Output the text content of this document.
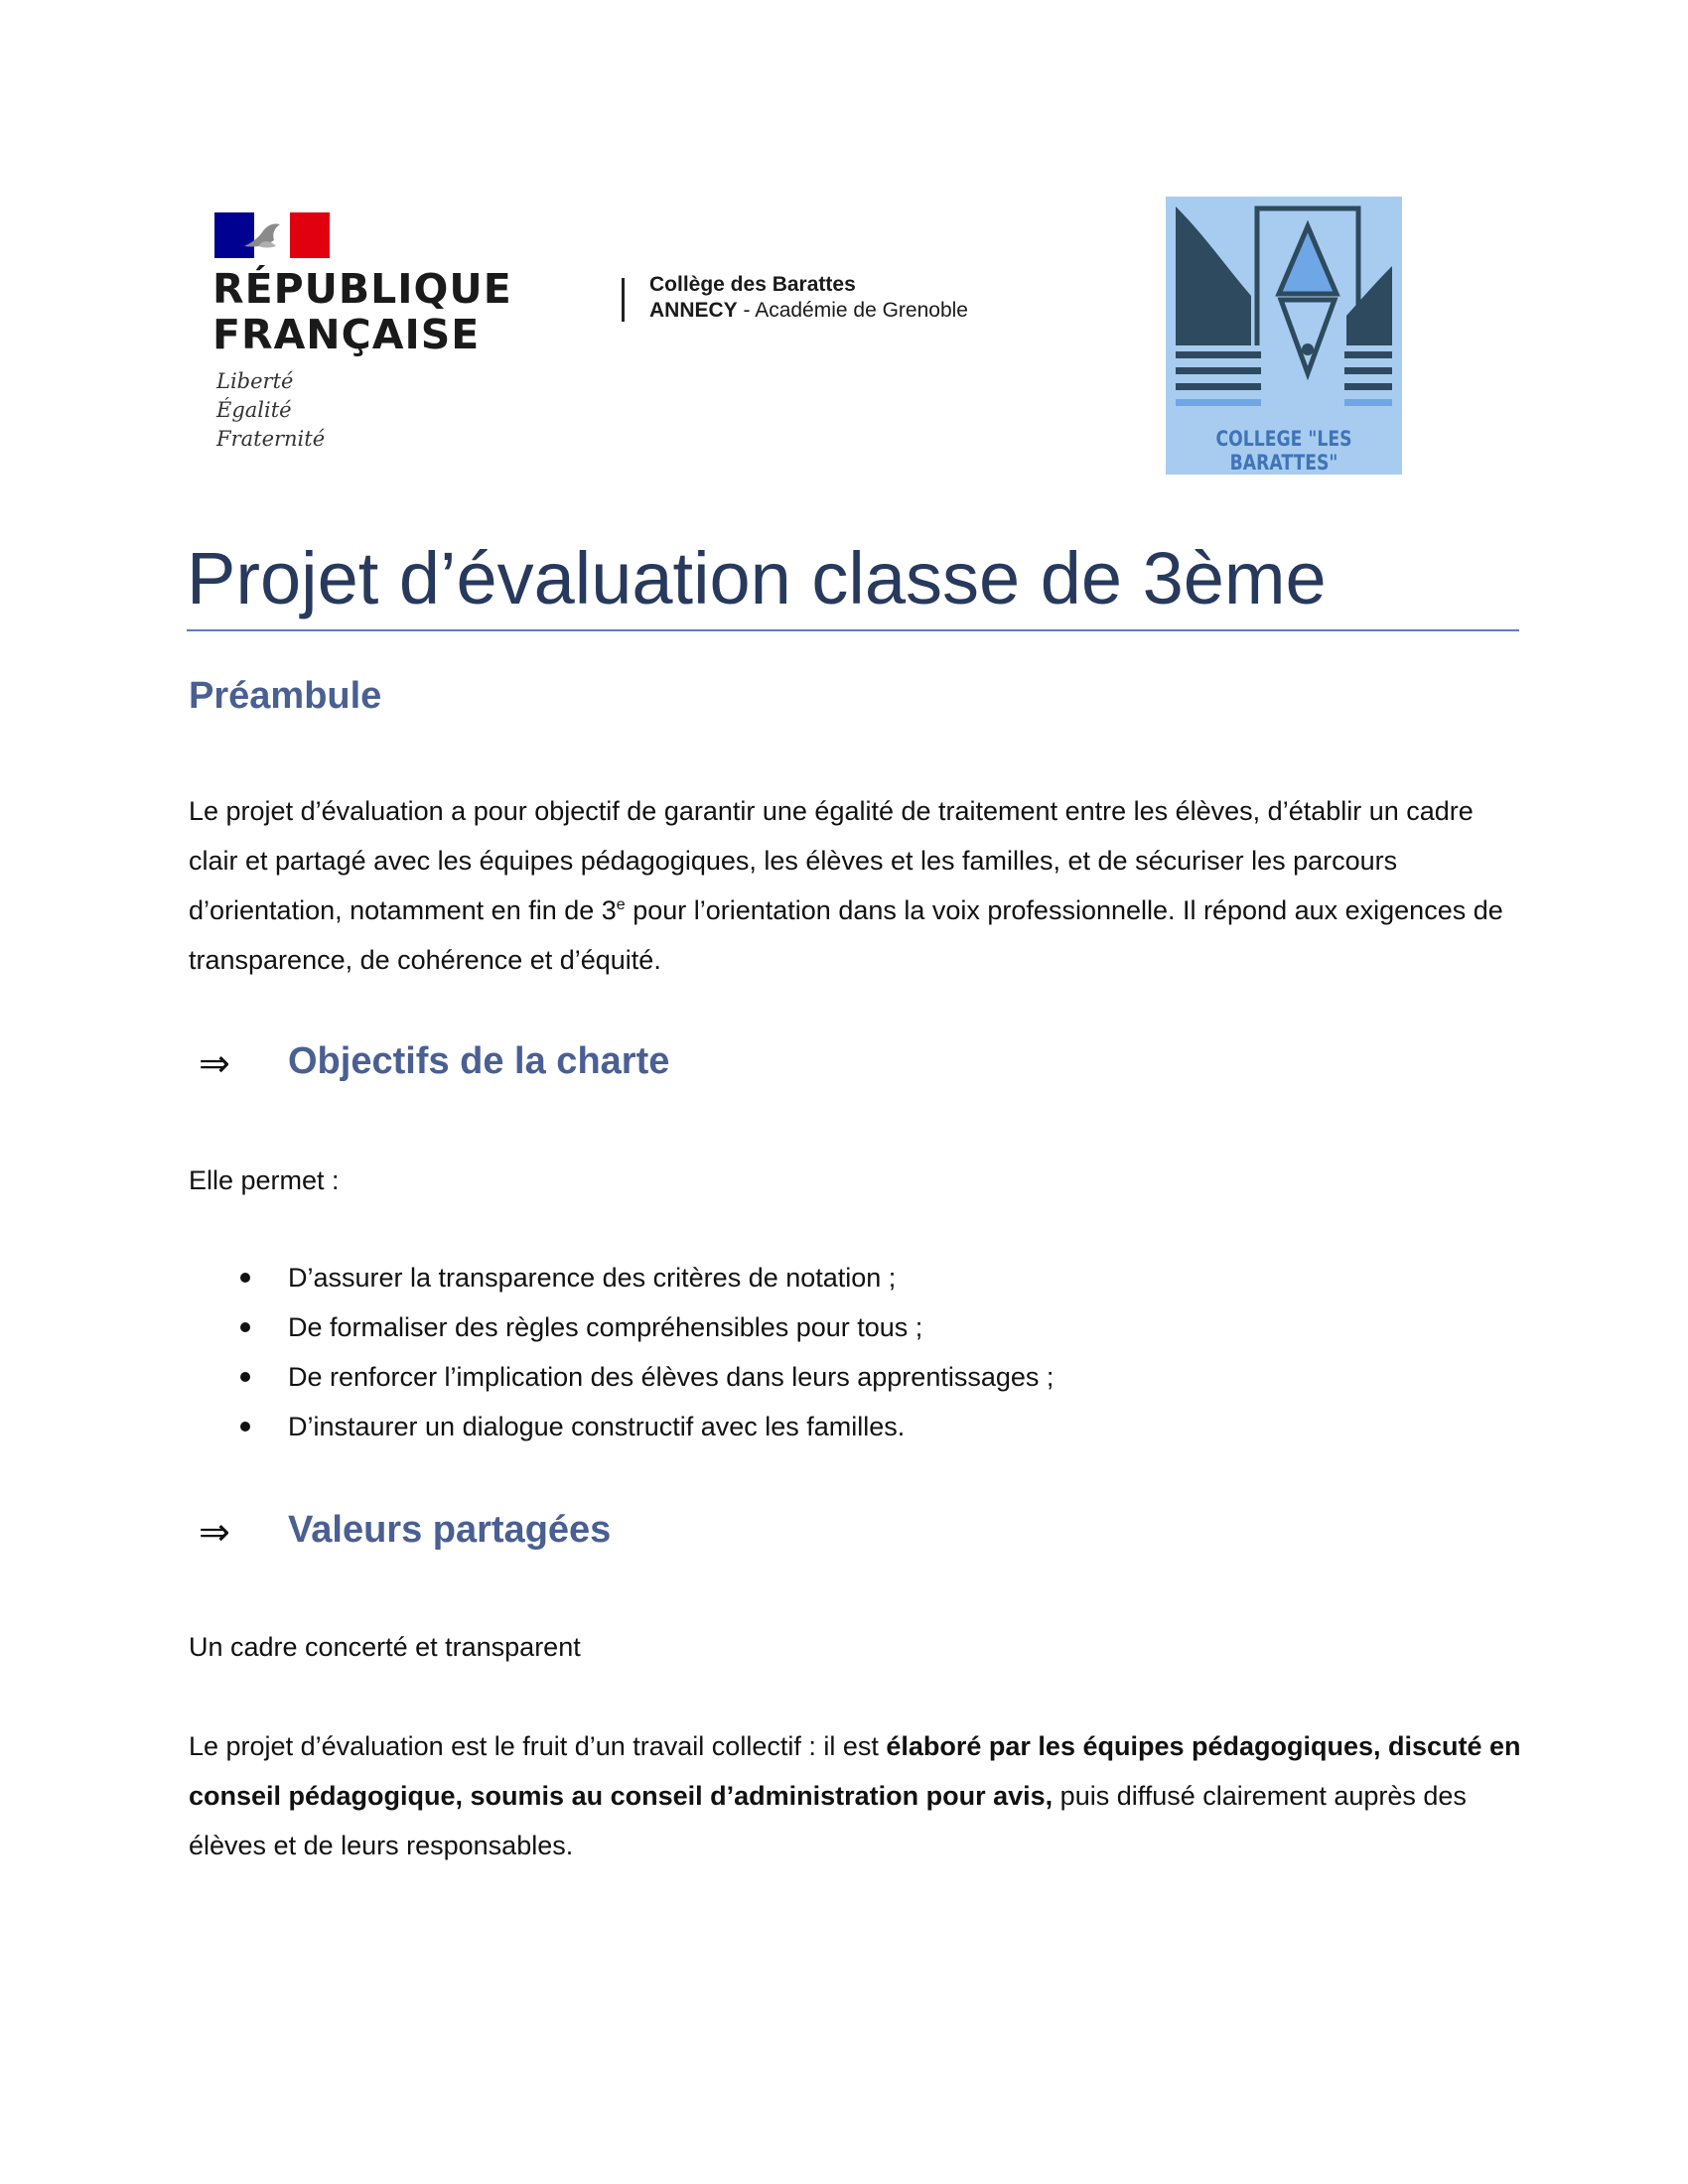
RÉPUBLIQUE
FRANÇAISE
Liberté
Égalité
Fraternité
Collège des Barattes
ANNECY - Académie de Grenoble
COLLEGE "LES BARATTES"
Projet d’évaluation classe de 3ème
Préambule

Le projet d’évaluation a pour objectif de garantir une égalité de traitement entre les élèves, d’établir un cadre clair et partagé avec les équipes pédagogiques, les élèves et les familles, et de sécuriser les parcours d’orientation, notamment en fin de 3e pour l’orientation dans la voix professionnelle. Il répond aux exigences de transparence, de cohérence et d’équité.

⇒ Objectifs de la charte

Elle permet :

D’assurer la transparence des critères de notation ;
De formaliser des règles compréhensibles pour tous ;
De renforcer l’implication des élèves dans leurs apprentissages ;
D’instaurer un dialogue constructif avec les familles.
⇒ Valeurs partagées

Un cadre concerté et transparent

Le projet d’évaluation est le fruit d’un travail collectif : il est élaboré par les équipes pédagogiques, discuté en conseil pédagogique, soumis au conseil d’administration pour avis, puis diffusé clairement auprès des élèves et de leurs responsables.
